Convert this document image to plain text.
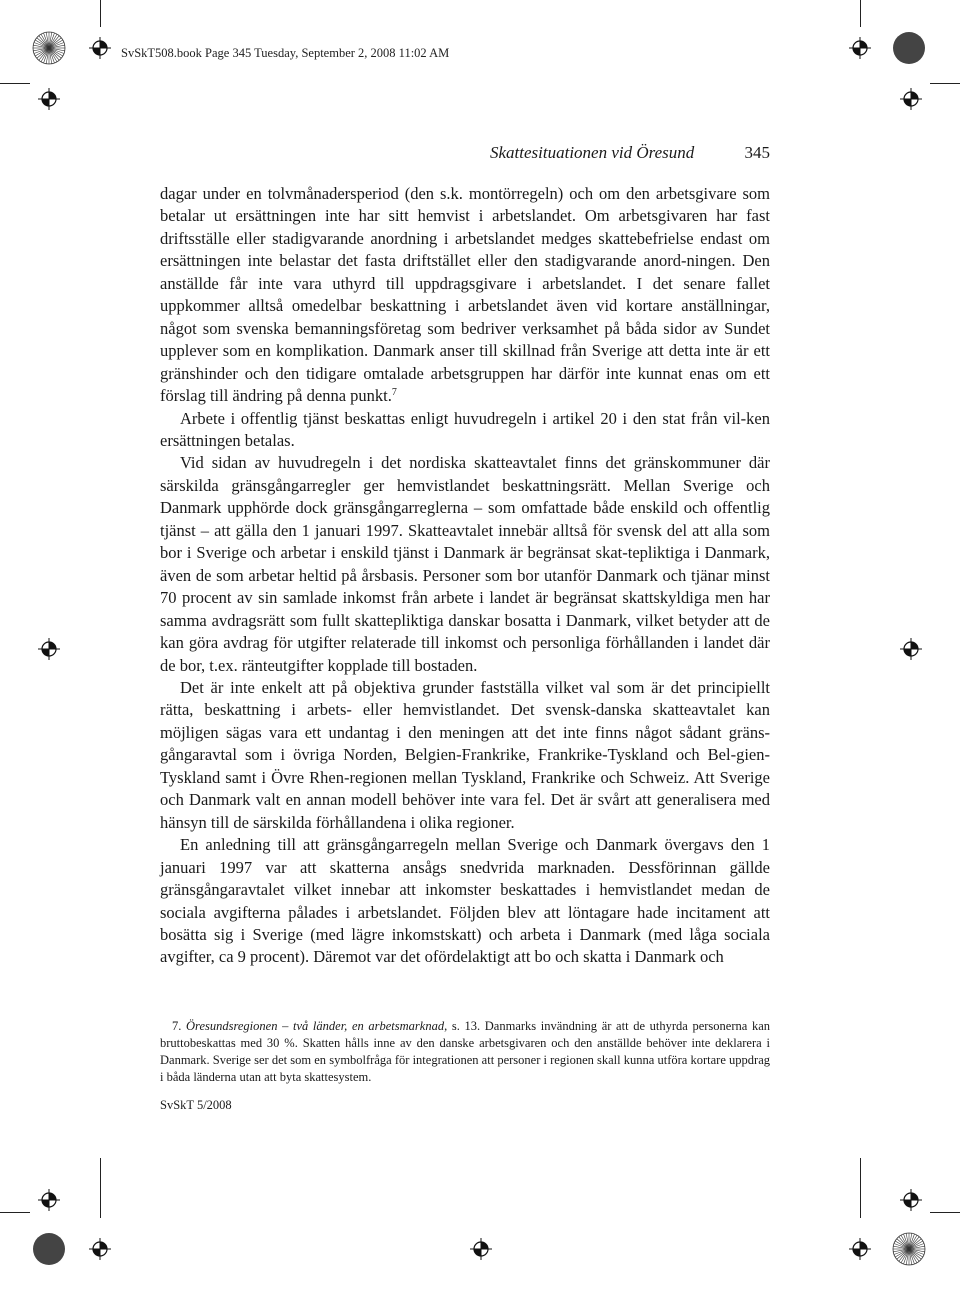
SvSkT508.book Page 345 Tuesday, September 2, 2008 11:02 AM
Skattesituationen vid Öresund	345

dagar under en tolvmånadersperiod (den s.k. montörregeln) och om den arbetsgivare som betalar ut ersättningen inte har sitt hemvist i arbetslandet. Om arbetsgivaren har fast driftsställe eller stadigvarande anordning i arbetslandet medges skattebefrielse endast om ersättningen inte belastar det fasta driftstället eller den stadigvarande anord-ningen. Den anställde får inte vara uthyrd till uppdragsgivare i arbetslandet. I det senare fallet uppkommer alltså omedelbar beskattning i arbetslandet även vid kortare anställningar, något som svenska bemanningsföretag som bedriver verksamhet på båda sidor av Sundet upplever som en komplikation. Danmark anser till skillnad från Sverige att detta inte är ett gränshinder och den tidigare omtalade arbetsgruppen har därför inte kunnat enas om ett förslag till ändring på denna punkt.$^7$

Arbete i offentlig tjänst beskattas enligt huvudregeln i artikel 20 i den stat från vil-ken ersättningen betalas.

Vid sidan av huvudregeln i det nordiska skatteavtalet finns det gränskommuner där särskilda gränsgångarregler ger hemvistlandet beskattningsrätt. Mellan Sverige och Danmark upphörde dock gränsgångarreglerna – som omfattade både enskild och offentlig tjänst – att gälla den 1 januari 1997. Skatteavtalet innebär alltså för svensk del att alla som bor i Sverige och arbetar i enskild tjänst i Danmark är begränsat skat-tepliktiga i Danmark, även de som arbetar heltid på årsbasis. Personer som bor utanför Danmark och tjänar minst 70 procent av sin samlade inkomst från arbete i landet är begränsat skattskyldiga men har samma avdragsrätt som fullt skattepliktiga danskar bosatta i Danmark, vilket betyder att de kan göra avdrag för utgifter relaterade till inkomst och personliga förhållanden i landet där de bor, t.ex. ränteutgifter kopplade till bostaden.

Det är inte enkelt att på objektiva grunder fastställa vilket val som är det principiellt rätta, beskattning i arbets- eller hemvistlandet. Det svensk-danska skatteavtalet kan möjligen sägas vara ett undantag i den meningen att det inte finns något sådant gräns-gångaravtal som i övriga Norden, Belgien-Frankrike, Frankrike-Tyskland och Bel-gien-Tyskland samt i Övre Rhen-regionen mellan Tyskland, Frankrike och Schweiz. Att Sverige och Danmark valt en annan modell behöver inte vara fel. Det är svårt att generalisera med hänsyn till de särskilda förhållandena i olika regioner.

En anledning till att gränsgångarregeln mellan Sverige och Danmark övergavs den 1 januari 1997 var att skatterna ansågs snedvrida marknaden. Dessförinnan gällde gränsgångaravtalet vilket innebar att inkomster beskattades i hemvistlandet medan de sociala avgifterna pålades i arbetslandet. Följden blev att löntagare hade incitament att bosätta sig i Sverige (med lägre inkomstskatt) och arbeta i Danmark (med låga sociala avgifter, ca 9 procent). Däremot var det ofördelaktigt att bo och skatta i Danmark och

7. Öresundsregionen – två länder, en arbetsmarknad, s. 13. Danmarks invändning är att de uthyrda personerna kan bruttobeskattas med 30 %. Skatten hålls inne av den danske arbetsgivaren och den anställde behöver inte deklarera i Danmark. Sverige ser det som en symbolfråga för integrationen att personer i regionen skall kunna utföra kortare uppdrag i båda länderna utan att byta skattesystem.
SvSkT 5/2008
